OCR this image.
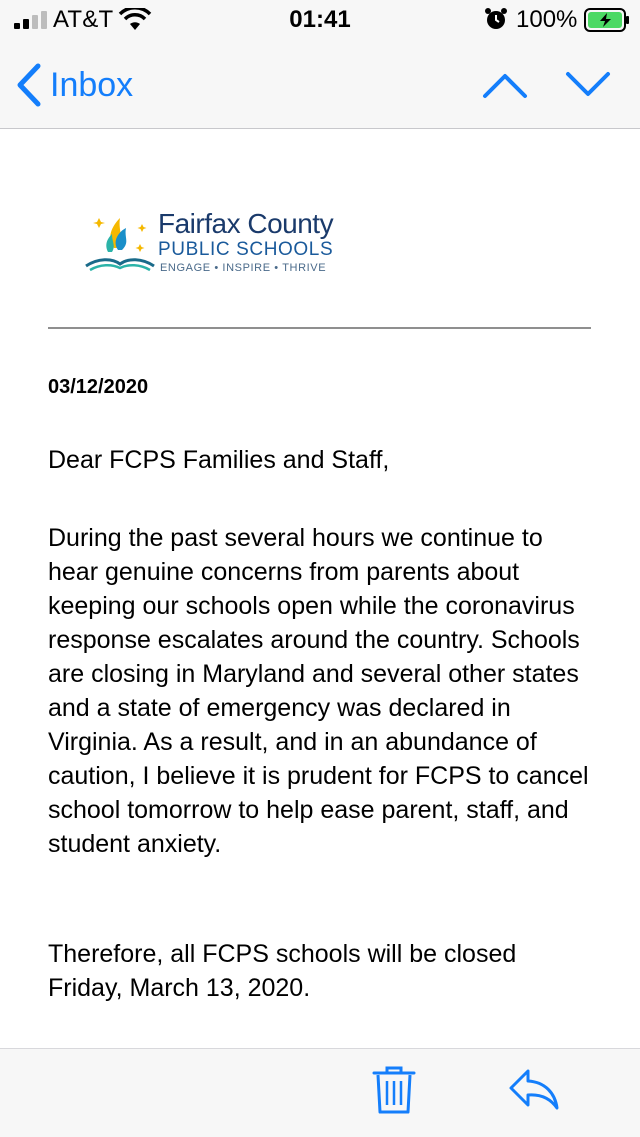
AT&T	01:41	100%
Inbox
Fairfax County
PUBLIC SCHOOLS
ENGAGE • INSPIRE • THRIVE
03/12/2020
Dear FCPS Families and Staff,

During the past several hours we continue to hear genuine concerns from parents about keeping our schools open while the coronavirus response escalates around the country. Schools are closing in Maryland and several other states and a state of emergency was declared in Virginia. As a result, and in an abundance of caution, I believe it is prudent for FCPS to cancel school tomorrow to help ease parent, staff, and student anxiety.

Therefore, all FCPS schools will be closed Friday, March 13, 2020.
